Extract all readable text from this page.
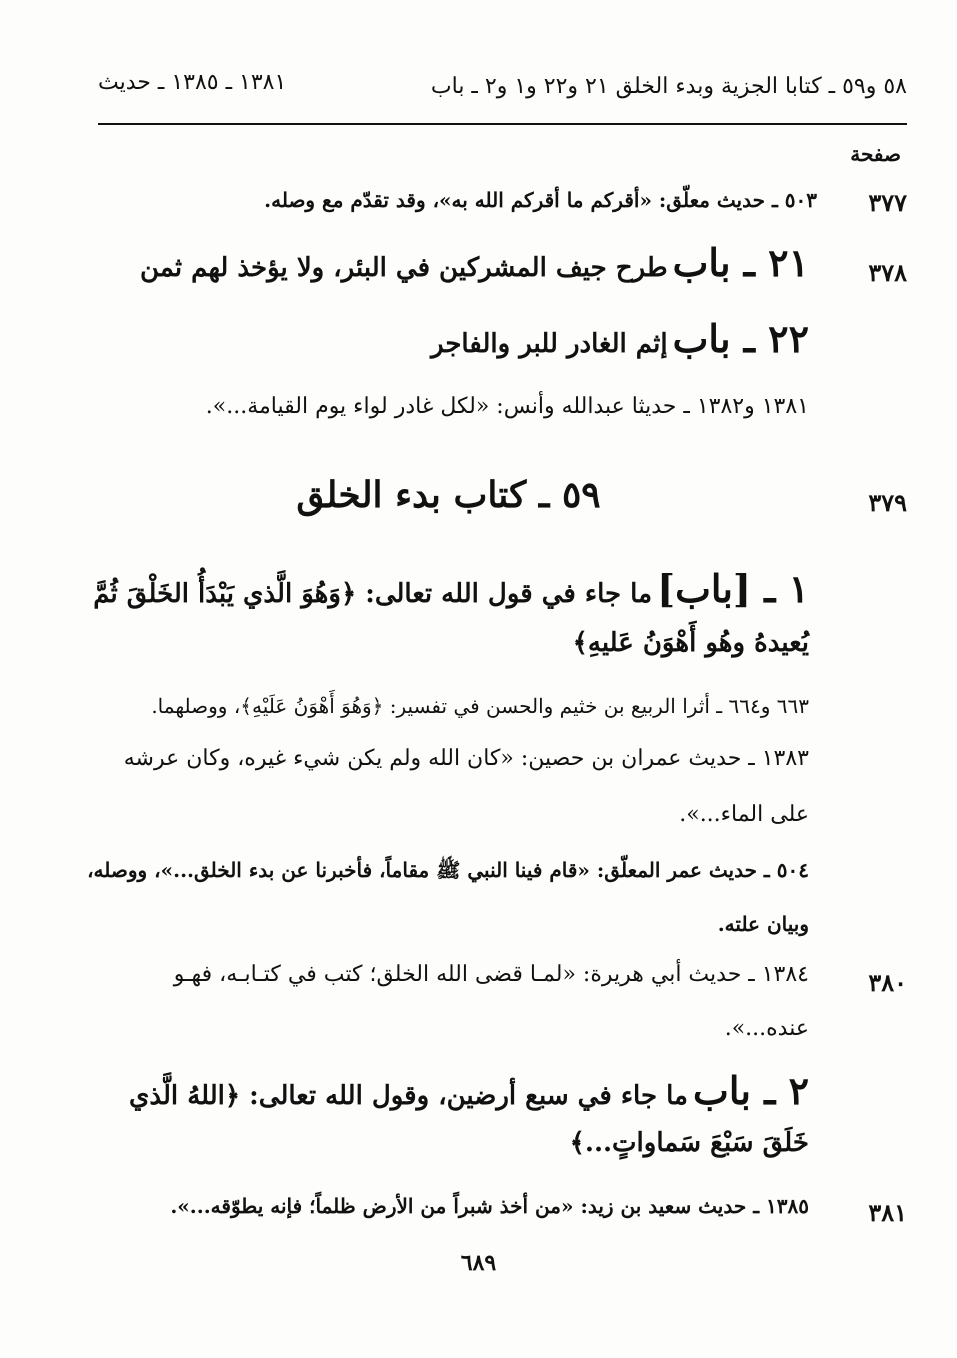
٥٨ و٥٩ ـ كتابا الجزية وبدء الخلق ٢١ و٢٢ و١ و٢ ـ باب
١٣٨١ ـ ١٣٨٥ ـ حديث
صفحة
٣٧٧
٥٠٣ ـ حديث معلّق: «أقركم ما أقركم الله به»، وقد تقدّم مع وصله.
٣٧٨
٢١ ـ باب طرح جيف المشركين في البئر، ولا يؤخذ لهم ثمن
٢٢ ـ باب إثم الغادر للبر والفاجر
١٣٨١ و١٣٨٢ ـ حديثا عبدالله وأنس: «لكل غادر لواء يوم القيامة...».
٣٧٩
٥٩ ـ كتاب بدء الخلق
١ ـ [باب] ما جاء في قول الله تعالى: ﴿وَهُوَ الَّذي يَبْدَأُ الخَلْقَ ثُمَّ
يُعيدهُ وهُو أَهْوَنُ عَليهِ﴾
٦٦٣ و٦٦٤ ـ أثرا الربيع بن خثيم والحسن في تفسير: ﴿وَهُوَ أَهْوَنُ عَلَيْهِ﴾، ووصلهما.
١٣٨٣ ـ حديث عمران بن حصين: «كان الله ولم يكن شيء غيره، وكان عرشه
على الماء...».
٥٠٤ ـ حديث عمر المعلّق: «قام فينا النبي ﷺ مقاماً، فأخبرنا عن بدء الخلق...»، ووصله،
وبيان علته.
٣٨٠
١٣٨٤ ـ حديث أبي هريرة: «لمـا قضى الله الخلق؛ كتب في كتـابـه، فهـو
عنده...».
٢ ـ باب ما جاء في سبع أرضين، وقول الله تعالى: ﴿اللهُ الَّذي
خَلَقَ سَبْعَ سَماواتٍ...﴾
٣٨١
١٣٨٥ ـ حديث سعيد بن زيد: «من أخذ شبراً من الأرض ظلماً؛ فإنه يطوّقه...».
٦٨٩
